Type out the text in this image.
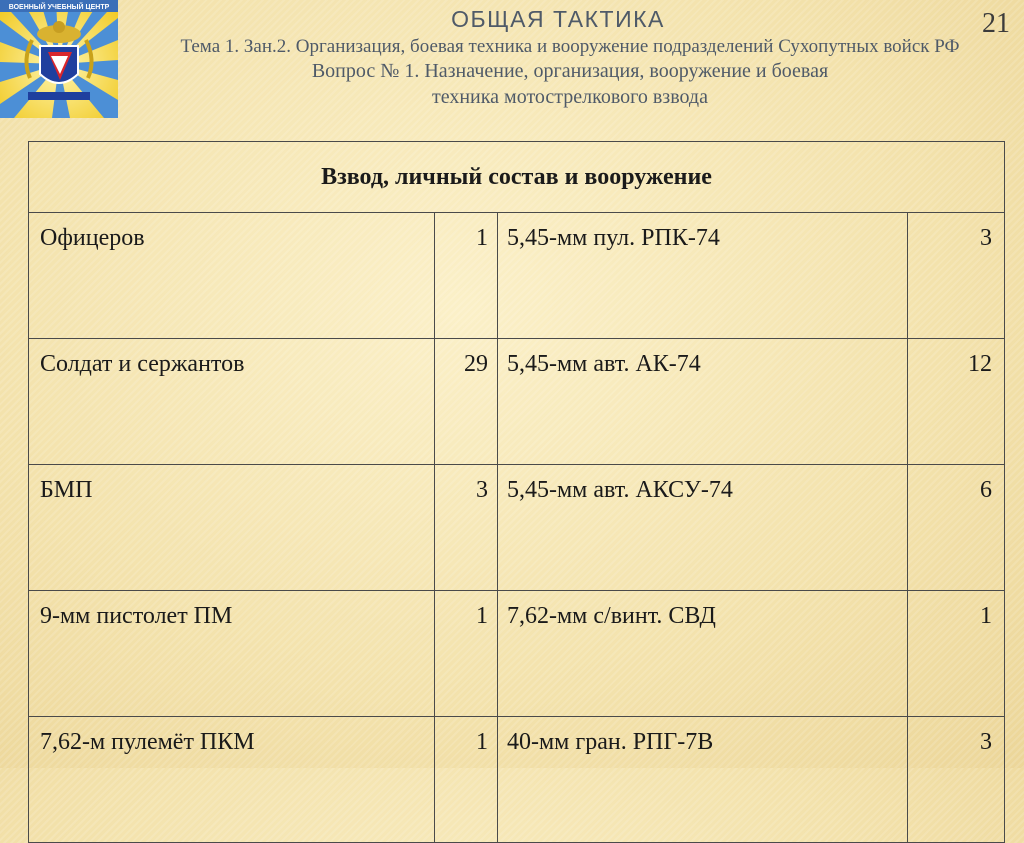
ВОЕННЫЙ УЧЕБНЫЙ ЦЕНТР	ОБЩАЯ ТАКТИКА	21
Тема 1. Зан.2. Организация, боевая техника и вооружение подразделений Сухопутных войск РФ
Вопрос № 1. Назначение, организация, вооружение и боевая
техника мотострелкового взвода
Взвод, личный состав и вооружение			
Офицеров	1	5,45-мм пул. РПК-74	3
Солдат и сержантов	29	5,45-мм авт. АК-74	12
БМП	3	5,45-мм авт. АКСУ-74	6
9-мм пистолет ПМ	1	7,62-мм с/винт. СВД	1
7,62-м пулемёт ПКМ	1	40-мм гран. РПГ-7В	3
